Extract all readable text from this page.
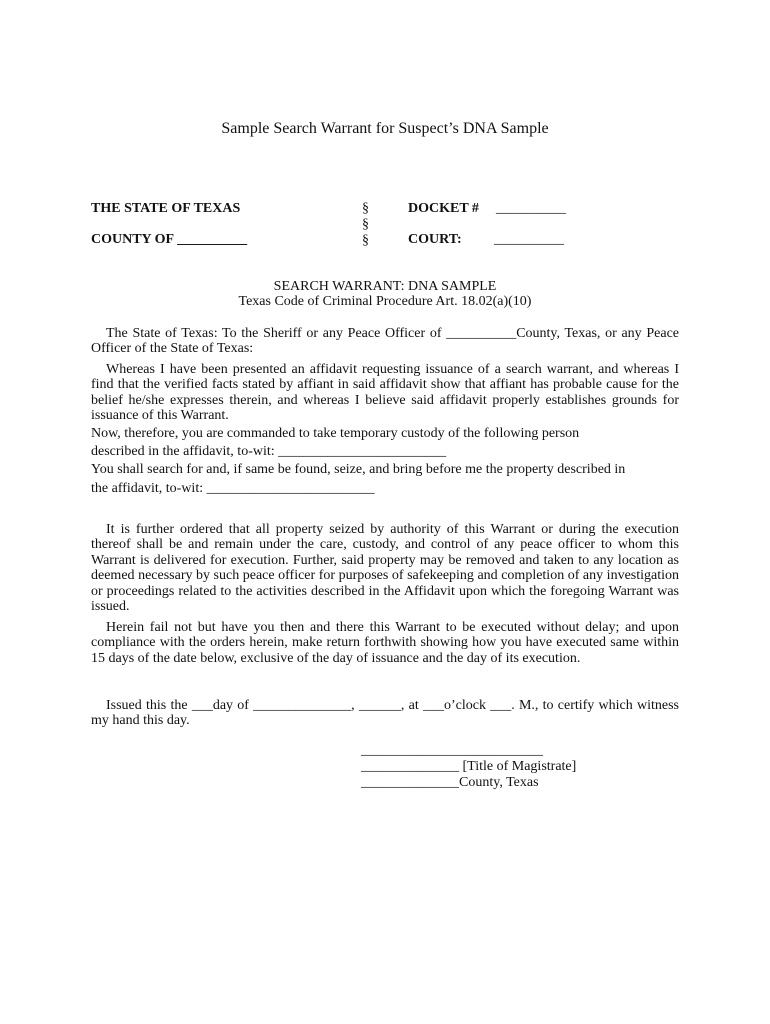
Sample Search Warrant for Suspect’s DNA Sample
THE STATE OF TEXAS
COUNTY OF __________
§
§
§
DOCKET # __________
COURT: __________
SEARCH WARRANT: DNA SAMPLE
Texas Code of Criminal Procedure Art. 18.02(a)(10)
The State of Texas: To the Sheriff or any Peace Officer of __________County, Texas, or any Peace Officer of the State of Texas:
Whereas I have been presented an affidavit requesting issuance of a search warrant, and whereas I find that the verified facts stated by affiant in said affidavit show that affiant has probable cause for the belief he/she expresses therein, and whereas I believe said affidavit properly establishes grounds for issuance of this Warrant.
Now, therefore, you are commanded to take temporary custody of the following person
described in the affidavit, to-wit: ________________________
You shall search for and, if same be found, seize, and bring before me the property described in
the affidavit, to-wit: ________________________
It is further ordered that all property seized by authority of this Warrant or during the execution thereof shall be and remain under the care, custody, and control of any peace officer to whom this Warrant is delivered for execution. Further, said property may be removed and taken to any location as deemed necessary by such peace officer for purposes of safekeeping and completion of any investigation or proceedings related to the activities described in the Affidavit upon which the foregoing Warrant was issued.
Herein fail not but have you then and there this Warrant to be executed without delay; and upon compliance with the orders herein, make return forthwith showing how you have executed same within 15 days of the date below, exclusive of the day of issuance and the day of its execution.
Issued this the ___day of ______________, ______, at ___o’clock ___. M., to certify which witness my hand this day.
__________________________
______________ [Title of Magistrate]
______________County, Texas
